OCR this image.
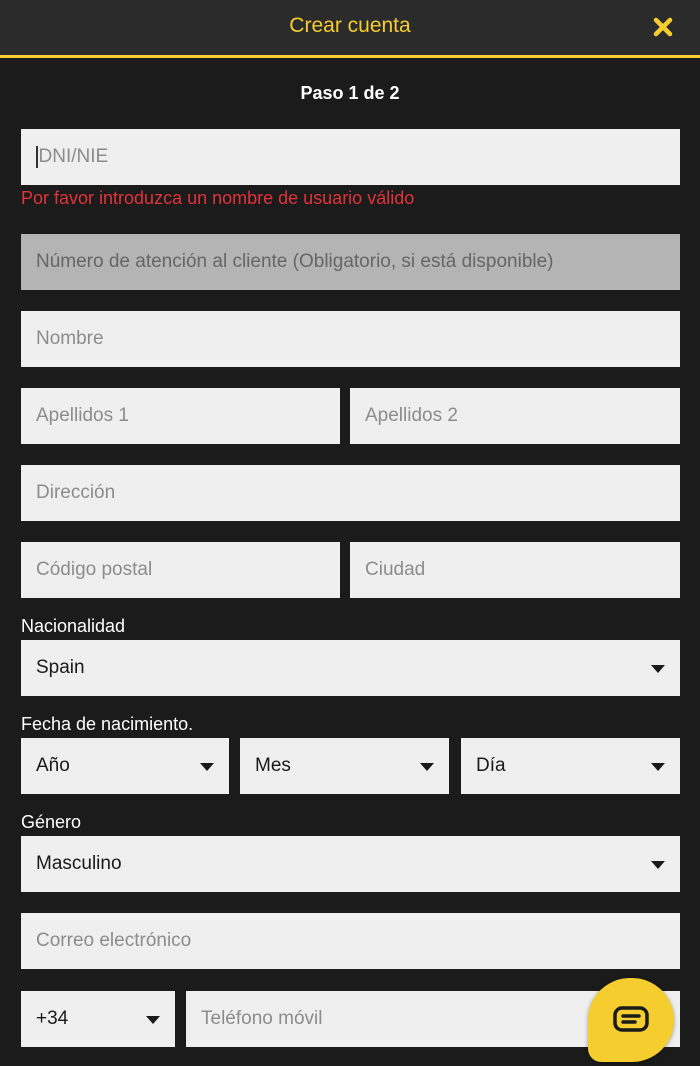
Crear cuenta
Paso 1 de 2
DNI/NIE
Por favor introduzca un nombre de usuario válido
Número de atención al cliente (Obligatorio, si está disponible)
Nombre
Apellidos 1	Apellidos 2
Dirección
Código postal	Ciudad
Nacionalidad
Spain
Fecha de nacimiento.
Año	Mes	Día
Género
Masculino
Correo electrónico
+34	Teléfono móvil
